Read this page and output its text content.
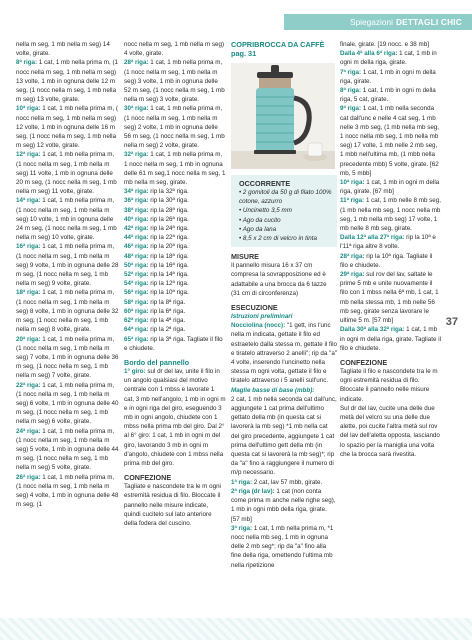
Spiegazioni DETTAGLI CHIC

nella m seg, 1 mb nella m seg) 14 volte, girate.

8ª riga: 1 cat, 1 mb nella prima m, (1 nocc nella m seg, 1 mb nella m seg) 13 volte, 1 mb in ognuna delle 12 m seg, (1 nocc nella m seg, 1 mb nella m seg) 13 volte, girate.

10ª riga: 1 cat, 1 mb nella prima m, ( nocc nella m seg, 1 mb nella m seg) 12 volte, 1 mb in ognuna delle 16 m seg, (1 nocc nella m seg, 1 mb nella m seg) 12 volte, girate.

12ª riga: 1 cat, 1 mb nella prima m, (1 nocc nella m seg, 1 mb nella m seg) 11 volte, 1 mb in ognuna delle 20 m seg, (1 nocc nella m seg, 1 mb nella m seg) 11 volte, girate.

14ª riga: 1 cat, 1 mb nella prima m, (1 nocc nella m seg, 1 mb nella m seg) 10 volte, 1 mb in ognuna delle 24 m seg, (1 nocc nella m seg, 1 mb nella m seg) 10 volte, girate.

16ª riga: 1 cat, 1 mb nella prima m, (1 nocc nella m seg, 1 mb nella m seg) 9 volte, 1 mb in ognuna delle 28 m seg, (1 nocc nella m seg, 1 mb nella m seg) 9 volte, girate.

18ª riga: 1 cat, 1 mb nella prima m, (1 nocc nella m seg, 1 mb nella m seg) 8 volte, 1 mb in ognuna delle 32 m seg, (1 nocc nella m seg, 1 mb nella m seg) 8 volte, girate.

20ª riga: 1 cat, 1 mb nella prima m, (1 nocc nella m seg, 1 mb nella m seg) 7 volte, 1 mb in ognuna delle 36 m seg, (1 nocc nella m seg, 1 mb nella m seg) 7 volte, girate.

22ª riga: 1 cat, 1 mb nella prima m, (1 nocc nella m seg, 1 mb nella m seg) 6 volte, 1 mb in ognuna delle 40 m seg, (1 nocc nella m seg, 1 mb nella m seg) 6 volte, girate.

24ª riga: 1 cat, 1 mb nella prima m, (1 nocc nella m seg, 1 mb nella m seg) 5 volte, 1 mb in ognuna delle 44 m seg, (1 nocc nella m seg, 1 mb nella m seg) 5 volte, girate.

26ª riga: 1 cat, 1 mb nella prima m, (1 nocc nella m seg, 1 mb nella m seg) 4 volte, 1 mb in ognuna delle 48 m seg, (1

nocc nella m seg, 1 mb nella m seg) 4 volte, girate.

28ª riga: 1 cat, 1 mb nella prima m, (1 nocc nella m seg, 1 mb nella m seg) 3 volte, 1 mb in ognuna delle 52 m seg, (1 nocc nella m seg, 1 mb nella m seg) 3 volte, girate.

30ª riga: 1 cat, 1 mb nella prima m, (1 nocc nella m seg, 1 mb nella m seg) 2 volte, 1 mb in ognuna delle 56 m seg, (1 nocc nella m seg, 1 mb nella m seg) 2 volte, girate.

32ª riga: 1 cat, 1 mb nella prima m, 1 nocc nella m seg, 1 mb in ognuna delle 61 m seg,1 nocc nella m seg, 1 mb nella m seg, girate.

34ª riga: rip la 32ª riga.

36ª riga: rip la 30ª riga.

38ª riga: rip la 28ª riga.

40ª riga: rip la 26ª riga.

42ª riga: rip la 24ª riga.

44ª riga: rip la 22ª riga.

46ª riga: rip la 20ª riga.

48ª riga: rip la 18ª riga.

50ª riga: rip la 16ª riga.

52ª riga: rip la 14ª riga.

54ª riga: rip la 12ª riga.

56ª riga: rip la 10ª riga.

58ª riga: rip la 8ª riga.

60ª riga: rip la 6ª riga.

62ª riga: rip la 4ª riga.

64ª riga: rip la 2ª riga.

65ª riga: rip la 3ª riga. Tagliate il filo e chiudete.

Bordo del pannello

1° giro: sul dr del lav, unite il filo in un angolo qualsiasi del motivo centrale con 1 mbss e lavorate 1 cat, 3 mb nell'angolo, 1 mb in ogni m e in ogni riga del giro, eseguendo 3 mb in ogni angolo, chiudete con 1 mbss nella prima mb del giro. Dal 2° al 6° giro: 1 cat, 1 mb in ogni m del giro, lavorando 3 mb in ogni m d'angolo, chiudete con 1 mbss nella prima mb del giro.

CONFEZIONE

Tagliate e nascondete tra le m ogni estremità residua di filo. Bloccate il pannello nelle misure indicate, quindi cucitelo sul lato anteriore della fodera del cuscino.

COPRIBROCCA DA CAFFÈ
pag. 31
OCCORRENTE

• 2 gomitoli da 50 g di filato 100% cotone, azzurro

• Uncinetto 3,5 mm

• Ago da cucito

• Ago da lana

• 8,5 x 2 cm di velcro in tinta

MISURE

Il pannello misura 16 x 37 cm compresa la sovrapposizione ed è adattabile a una brocca da 6 tazze (31 cm di circonferenza)

ESECUZIONE
Istruzioni preliminari

Nocciolina (nocc): "1 gett, ins l'unc nella m indicata, gettate il filo ed estraetelo dalla stessa m, gettate il filo e tiratelo attraverso 2 anelli"; rip da "a" 4 volte, inserendo l'uncinetto nella stessa m ogni volta, gettate il filo e tiratelo attraverso i 5 anelli sull'unc.

Maglie basse di base (mbb):

2 cat, 1 mb nella seconda cat dall'unc, aggiungete 1 cat prima dell'ultimo gettato della mb (in questa cat si lavorerà la mb seg) *1 mb nella cat del giro precedente, aggiungete 1 cat prima dell'ultimo gett della mb (in questa cat si lavorerà la mb seg)*; rip da "a" fino a raggiungere il numero di m/p necessario.

1ª riga: 2 cat, lav 57 mbb, girate.

2ª riga (dr lav): 1 cat (non conta come prima m anche nelle righe seg), 1 mb in ogni mbb della riga, girate. [57 mb]

3ª riga: 1 cat, 1 mb nella prima m, *1 nocc nella mb seg, 1 mb in ognuna delle 2 mb seg*; rip da "a" fino alla fine della riga, omettendo l'ultima mb nella ripetizione

finale, girate. [19 nocc. e 38 mb]

Dalla 4ª alla 6ª riga: 1 cat, 1 mb in ogni m della riga, girate.

7ª riga: 1 cat, 1 mb in ogni m della riga, girate.

8ª riga: 1 cat, 1 mb in ogni m della riga, 5 cat, girate.

9ª riga: 1 cat, 1 mb nella seconda cat dall'unc e nelle 4 cat seg, 1 mb nelle 3 mb seg, (1 mb nella mb seg, 1 nocc nella mb seg, 1 mb nella mb seg) 17 volte, 1 mb nelle 2 mb seg, 1 mbb nell'ultima mb, (1 mbb nella precedente mbb) 5 volte, girate. [62 mb, 5 mbb]

10ª riga: 1 cat, 1 mb in ogni m della riga, girate. [67 mb]

11ª riga: 1 cat, 1 mb nelle 8 mb seg, (1 mb nella mb seg, 1 nocc nella mb seg, 1 mb nella mb seg) 17 volte, 1 mb nelle 8 mb seg, girate.

Dalla 12ª alla 27ª riga: rip la 10ª e l'11ª riga altre 8 volte.

28ª riga: rip la 10ª riga. Tagliate il filo e chiudete.

29ª riga: sul rov del lav, saltate le prime 5 mb e unite nuovamente il filo con 1 mbss nella 6ª mb, 1 cat, 1 mb nella stessa mb, 1 mb nelle 56 mb seg, girate senza lavorare le ultime 5 m. [57 mb]

Dalla 30ª alla 32ª riga: 1 cat, 1 mb in ogni m della riga, girate. Tagliate il filo e chiudete.

CONFEZIONE

Tagliate il filo e nascondete tra le m ogni estremità residua di filo. Bloccate il pannello nelle misure indicate.

Sul dr del lav, cucite una delle due metà del velcro su una delle due alette, poi cucite l'altra metà sul rov del lav dell'aletta opposta, lasciando lo spazio per la maniglia una volta che la brocca sarà rivestita.

37
